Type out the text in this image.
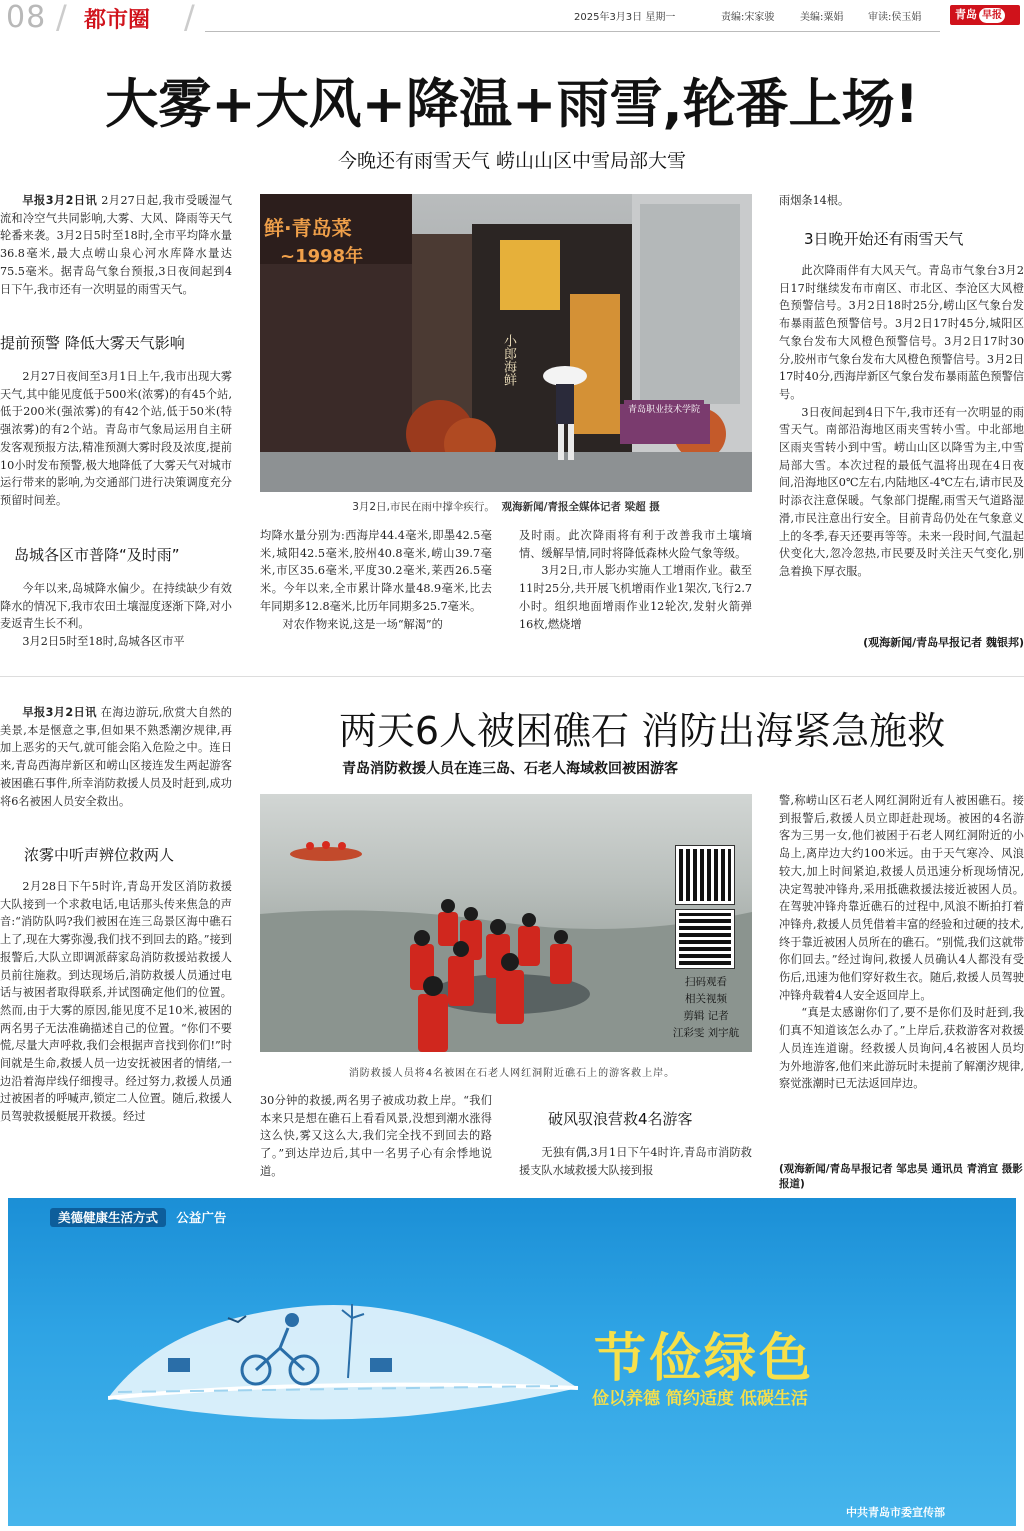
08 / 都市圈 /	2025年3月3日 星期一	责编:宋家骏	美编:粟娟 审读:侯玉娟	青岛 早报
大雾+大风+降温+雨雪,轮番上场!
今晚还有雨雪天气 崂山山区中雪局部大雪

早报3月2日讯 2月27日起,我市受暖湿气流和冷空气共同影响,大雾、大风、降雨等天气轮番来袭。3月2日5时至18时,全市平均降水量36.8毫米,最大点崂山泉心河水库降水量达75.5毫米。据青岛气象台预报,3日夜间起到4日下午,我市还有一次明显的雨雪天气。

提前预警 降低大雾天气影响

2月27日夜间至3月1日上午,我市出现大雾天气,其中能见度低于500米(浓雾)的有45个站,低于200米(强浓雾)的有42个站,低于50米(特强浓雾)的有2个站。青岛市气象局运用自主研发客观预报方法,精准预测大雾时段及浓度,提前10小时发布预警,极大地降低了大雾天气对城市运行带来的影响,为交通部门进行决策调度充分预留时间差。

岛城各区市普降“及时雨”

今年以来,岛城降水偏少。在持续缺少有效降水的情况下,我市农田土壤湿度逐渐下降,对小麦返青生长不利。

3月2日5时至18时,岛城各区市平

鲜·青岛菜
~1998年
小郎海鲜
青岛职业技术学院
3月2日,市民在雨中撑伞疾行。 观海新闻/青报全媒体记者 梁超 摄

均降水量分别为:西海岸44.4毫米,即墨42.5毫米,城阳42.5毫米,胶州40.8毫米,崂山39.7毫米,市区35.6毫米,平度30.2毫米,莱西26.5毫米。今年以来,全市累计降水量48.9毫米,比去年同期多12.8毫米,比历年同期多25.7毫米。

对农作物来说,这是一场“解渴”的

及时雨。此次降雨将有利于改善我市土壤墒情、缓解旱情,同时将降低森林火险气象等级。

3月2日,市人影办实施人工增雨作业。截至11时25分,共开展飞机增雨作业1架次,飞行2.7小时。组织地面增雨作业12轮次,发射火箭弹16枚,燃烧增

雨烟条14根。

3日晚开始还有雨雪天气

此次降雨伴有大风天气。青岛市气象台3月2日17时继续发布市南区、市北区、李沧区大风橙色预警信号。3月2日18时25分,崂山区气象台发布暴雨蓝色预警信号。3月2日17时45分,城阳区气象台发布大风橙色预警信号。3月2日17时30分,胶州市气象台发布大风橙色预警信号。3月2日17时40分,西海岸新区气象台发布暴雨蓝色预警信号。

3日夜间起到4日下午,我市还有一次明显的雨雪天气。南部沿海地区雨夹雪转小雪。中北部地区雨夹雪转小到中雪。崂山山区以降雪为主,中雪局部大雪。本次过程的最低气温将出现在4日夜间,沿海地区0℃左右,内陆地区-4℃左右,请市民及时添衣注意保暖。气象部门提醒,雨雪天气道路湿滑,市民注意出行安全。目前青岛仍处在气象意义上的冬季,春天还要再等等。未来一段时间,气温起伏变化大,忽冷忽热,市民要及时关注天气变化,别急着换下厚衣服。

(观海新闻/青岛早报记者 魏银邦)
两天6人被困礁石 消防出海紧急施救
青岛消防救援人员在连三岛、石老人海域救回被困游客

早报3月2日讯 在海边游玩,欣赏大自然的美景,本是惬意之事,但如果不熟悉潮汐规律,再加上恶劣的天气,就可能会陷入危险之中。连日来,青岛西海岸新区和崂山区接连发生两起游客被困礁石事件,所幸消防救援人员及时赶到,成功将6名被困人员安全救出。

浓雾中听声辨位救两人

2月28日下午5时许,青岛开发区消防救援大队接到一个求救电话,电话那头传来焦急的声音:“消防队吗?我们被困在连三岛景区海中礁石上了,现在大雾弥漫,我们找不到回去的路。”接到报警后,大队立即调派薛家岛消防救援站救援人员前往施救。到达现场后,消防救援人员通过电话与被困者取得联系,并试图确定他们的位置。然而,由于大雾的原因,能见度不足10米,被困的两名男子无法准确描述自己的位置。“你们不要慌,尽量大声呼救,我们会根据声音找到你们!”时间就是生命,救援人员一边安抚被困者的情绪,一边沿着海岸线仔细搜寻。经过努力,救援人员通过被困者的呼喊声,锁定二人位置。随后,救援人员驾驶救援艇展开救援。经过

扫码观看
相关视频
剪辑 记者
江彩雯 刘宇航
消防救援人员将4名被困在石老人网红洞附近礁石上的游客救上岸。

30分钟的救援,两名男子被成功救上岸。“我们本来只是想在礁石上看看风景,没想到潮水涨得这么快,雾又这么大,我们完全找不到回去的路了。”到达岸边后,其中一名男子心有余悸地说道。

破风驭浪营救4名游客

无独有偶,3月1日下午4时许,青岛市消防救援支队水域救援大队接到报

警,称崂山区石老人网红洞附近有人被困礁石。接到报警后,救援人员立即赶赴现场。被困的4名游客为三男一女,他们被困于石老人网红洞附近的小岛上,离岸边大约100米远。由于天气寒冷、风浪较大,加上时间紧迫,救援人员迅速分析现场情况,决定驾驶冲锋舟,采用抵礁救援法接近被困人员。在驾驶冲锋舟靠近礁石的过程中,风浪不断拍打着冲锋舟,救援人员凭借着丰富的经验和过硬的技术,终于靠近被困人员所在的礁石。“别慌,我们这就带你们回去。”经过询问,救援人员确认4人都没有受伤后,迅速为他们穿好救生衣。随后,救援人员驾驶冲锋舟载着4人安全返回岸上。

“真是太感谢你们了,要不是你们及时赶到,我们真不知道该怎么办了。”上岸后,获救游客对救援人员连连道谢。经救援人员询问,4名被困人员均为外地游客,他们来此游玩时未提前了解潮汐规律,察觉涨潮时已无法返回岸边。

(观海新闻/青岛早报记者 邹忠昊 通讯员 青消宣 摄影报道)
美德健康生活方式 公益广告
节俭绿色
俭以养德 简约适度 低碳生活
中共青岛市委宣传部
